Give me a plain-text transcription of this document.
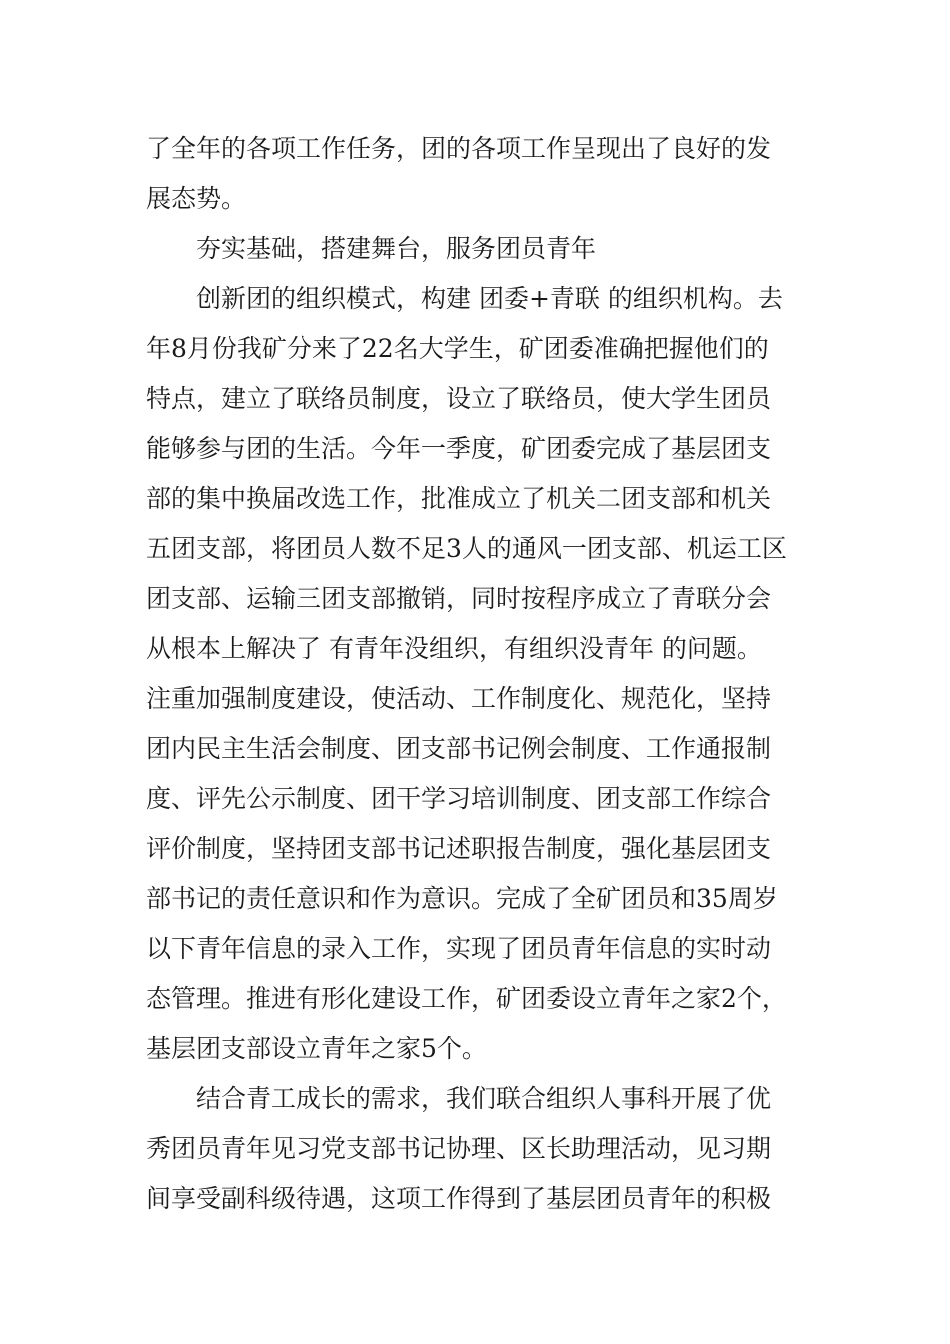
了全年的各项工作任务，团的各项工作呈现出了良好的发
展态势。
夯实基础，搭建舞台，服务团员青年
创新团的组织模式，构建 团委+青联 的组织机构。去
年8月份我矿分来了22名大学生，矿团委准确把握他们的
特点，建立了联络员制度，设立了联络员，使大学生团员
能够参与团的生活。今年一季度，矿团委完成了基层团支
部的集中换届改选工作，批准成立了机关二团支部和机关
五团支部，将团员人数不足3人的通风一团支部、机运工区
团支部、运输三团支部撤销，同时按程序成立了青联分会
从根本上解决了 有青年没组织，有组织没青年 的问题。
注重加强制度建设，使活动、工作制度化、规范化，坚持
团内民主生活会制度、团支部书记例会制度、工作通报制
度、评先公示制度、团干学习培训制度、团支部工作综合
评价制度，坚持团支部书记述职报告制度，强化基层团支
部书记的责任意识和作为意识。完成了全矿团员和35周岁
以下青年信息的录入工作，实现了团员青年信息的实时动
态管理。推进有形化建设工作，矿团委设立青年之家2个，
基层团支部设立青年之家5个。
结合青工成长的需求，我们联合组织人事科开展了优
秀团员青年见习党支部书记协理、区长助理活动，见习期
间享受副科级待遇，这项工作得到了基层团员青年的积极
